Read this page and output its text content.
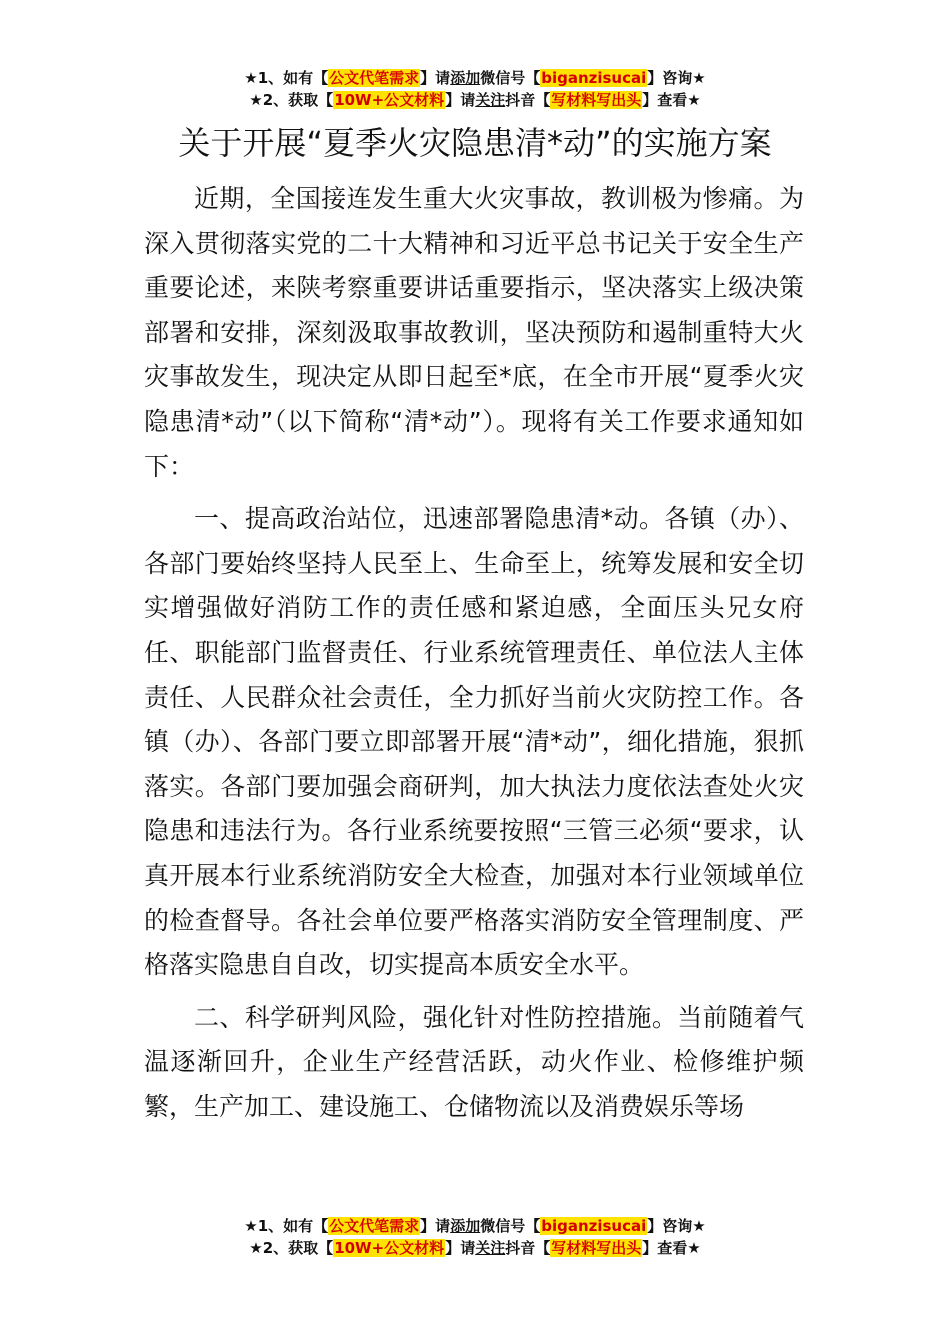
★1、如有【公文代笔需求】请添加微信号【biganzisucai】咨询★
★2、获取【10W+公文材料】请关注抖音【写材料写出头】查看★
关于开展“夏季火灾隐患清*动”的实施方案

近期，全国接连发生重大火灾事故，教训极为惨痛。为深入贯彻落实党的二十大精神和习近平总书记关于安全生产重要论述，来陕考察重要讲话重要指示，坚决落实上级决策部署和安排，深刻汲取事故教训，坚决预防和遏制重特大火灾事故发生，现决定从即日起至*底，在全市开展“夏季火灾隐患清*动”（以下简称“清*动”）。现将有关工作要求通知如下：

一、提高政治站位，迅速部署隐患清*动。各镇（办）、各部门要始终坚持人民至上、生命至上，统筹发展和安全切实增强做好消防工作的责任感和紧迫感，全面压头兄女府任、职能部门监督责任、行业系统管理责任、单位法人主体责任、人民群众社会责任，全力抓好当前火灾防控工作。各镇（办）、各部门要立即部署开展“清*动”，细化措施，狠抓落实。各部门要加强会商研判，加大执法力度依法查处火灾隐患和违法行为。各行业系统要按照“三管三必须“要求，认真开展本行业系统消防安全大检查，加强对本行业领域单位的检查督导。各社会单位要严格落实消防安全管理制度、严格落实隐患自自改，切实提高本质安全水平。

二、科学研判风险，强化针对性防控措施。当前随着气温逐渐回升，企业生产经营活跃，动火作业、检修维护频繁，生产加工、建设施工、仓储物流以及消费娱乐等场

★1、如有【公文代笔需求】请添加微信号【biganzisucai】咨询★
★2、获取【10W+公文材料】请关注抖音【写材料写出头】查看★
